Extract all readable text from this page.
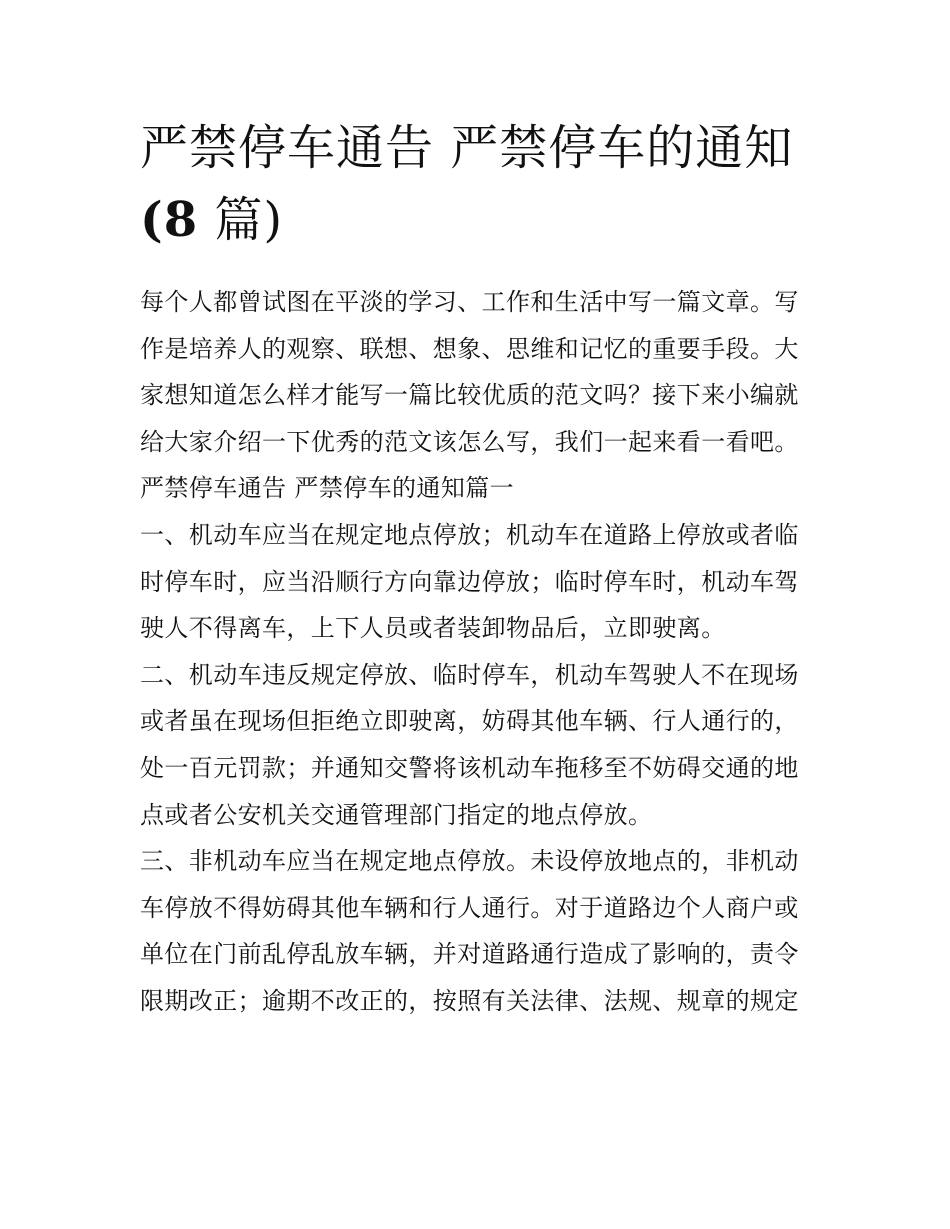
严禁停车通告 严禁停车的通知
(8 篇)
每个人都曾试图在平淡的学习、工作和生活中写一篇文章。写
作是培养人的观察、联想、想象、思维和记忆的重要手段。大
家想知道怎么样才能写一篇比较优质的范文吗？接下来小编就
给大家介绍一下优秀的范文该怎么写，我们一起来看一看吧。
严禁停车通告 严禁停车的通知篇一
一、机动车应当在规定地点停放；机动车在道路上停放或者临
时停车时，应当沿顺行方向靠边停放；临时停车时，机动车驾
驶人不得离车，上下人员或者装卸物品后，立即驶离。
二、机动车违反规定停放、临时停车，机动车驾驶人不在现场
或者虽在现场但拒绝立即驶离，妨碍其他车辆、行人通行的，
处一百元罚款；并通知交警将该机动车拖移至不妨碍交通的地
点或者公安机关交通管理部门指定的地点停放。
三、非机动车应当在规定地点停放。未设停放地点的，非机动
车停放不得妨碍其他车辆和行人通行。对于道路边个人商户或
单位在门前乱停乱放车辆，并对道路通行造成了影响的，责令
限期改正；逾期不改正的，按照有关法律、法规、规章的规定
